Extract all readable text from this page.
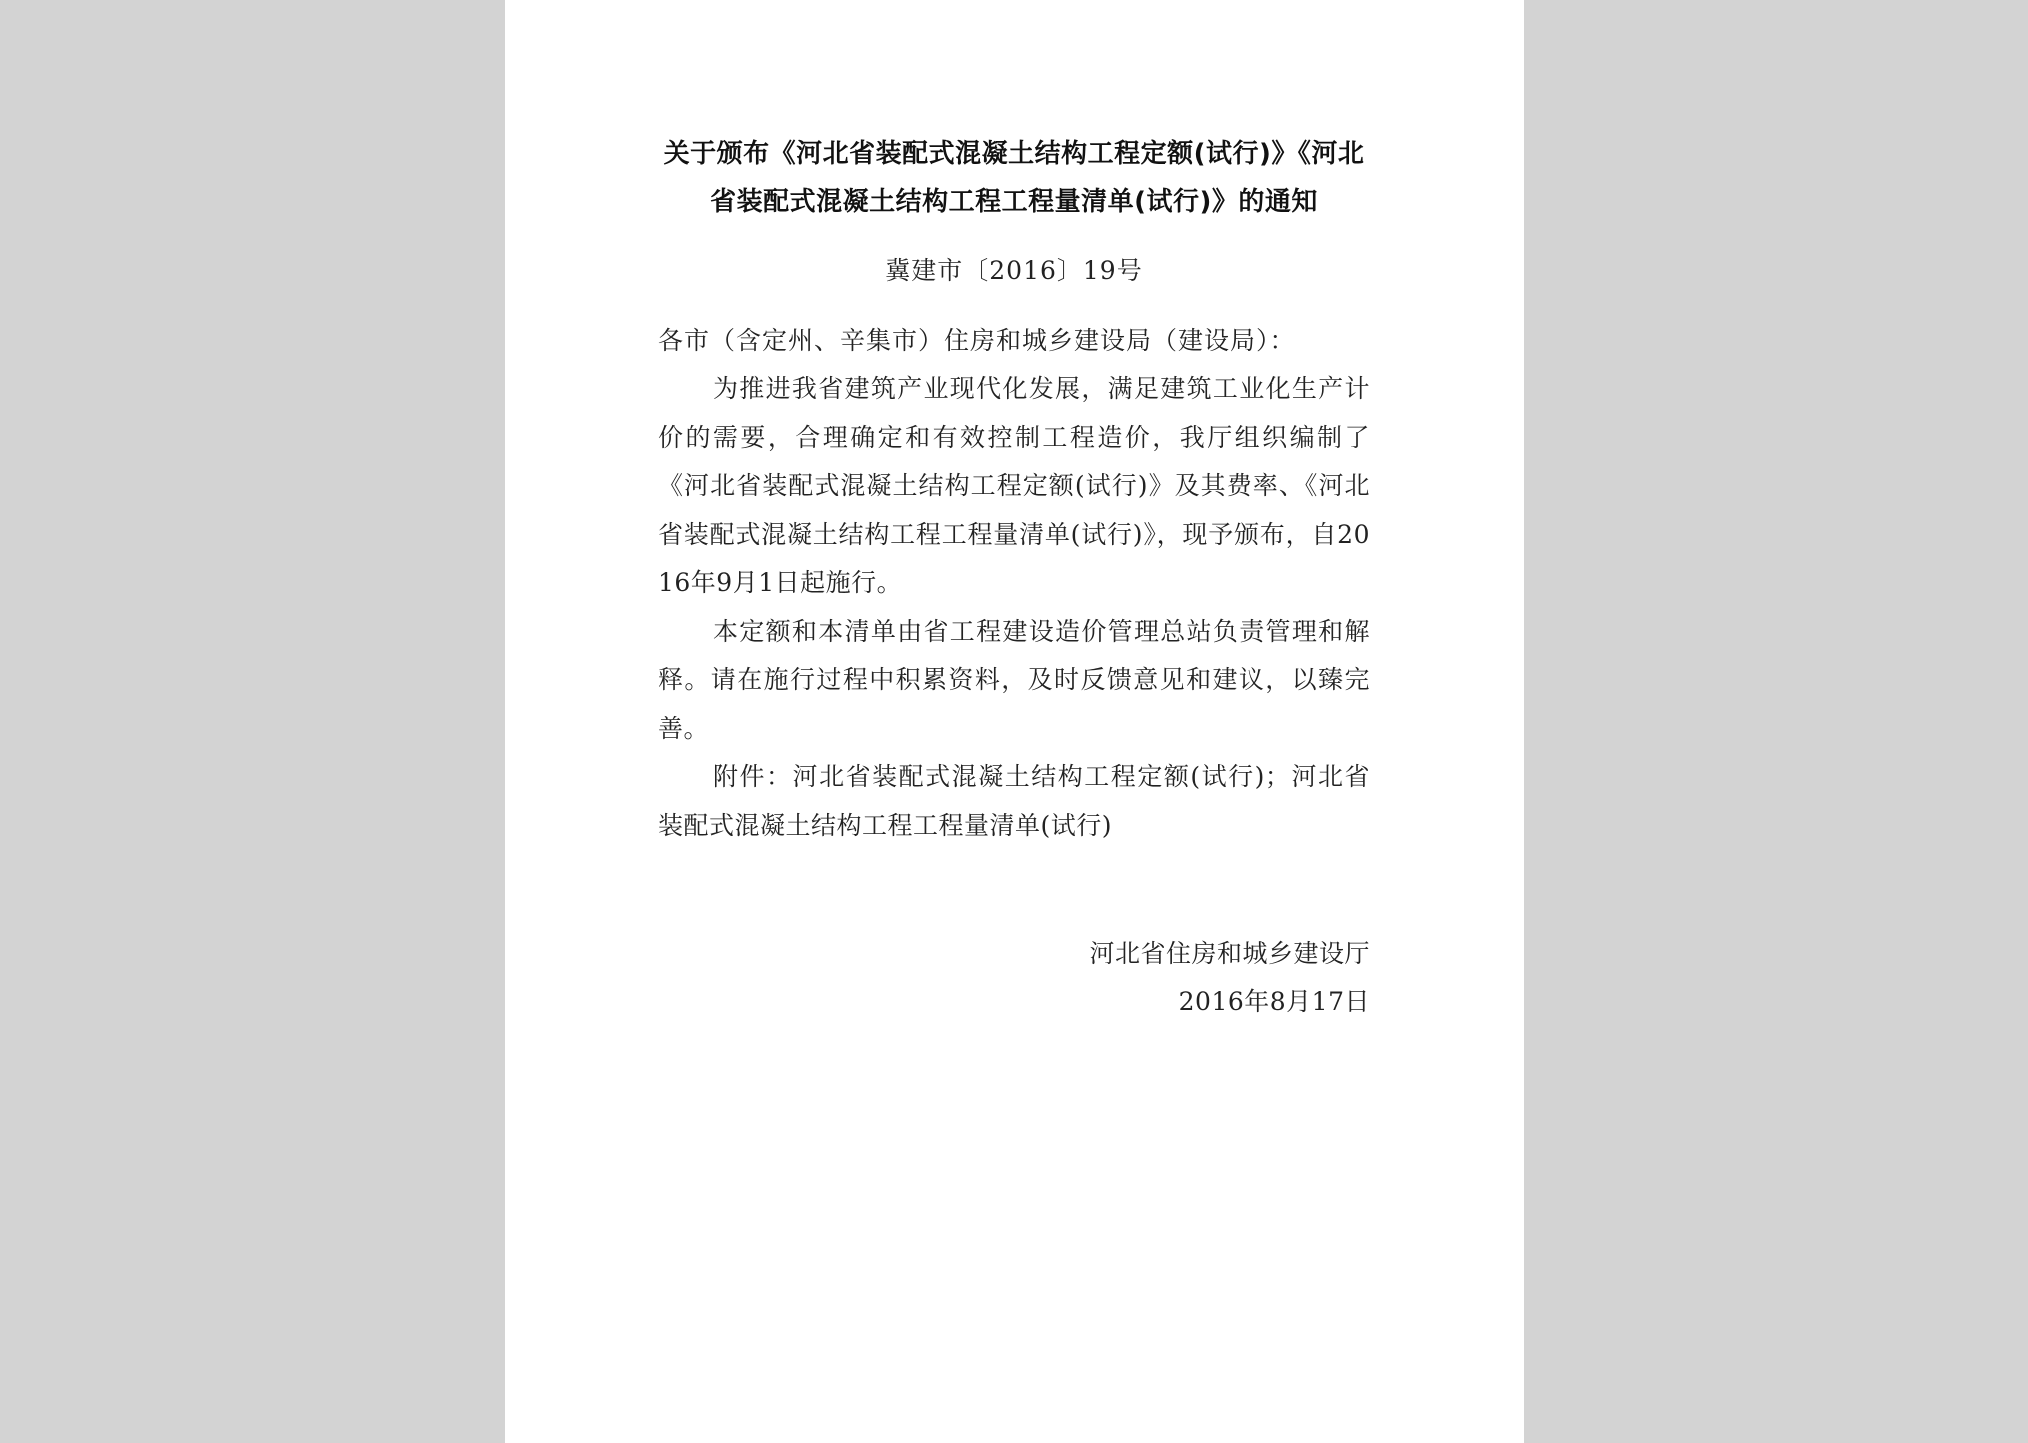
关于颁布《河北省装配式混凝土结构工程定额(试行)》《河北省装配式混凝土结构工程工程量清单(试行)》的通知
冀建市〔2016〕19号
各市（含定州、辛集市）住房和城乡建设局（建设局）：

为推进我省建筑产业现代化发展，满足建筑工业化生产计价的需要，合理确定和有效控制工程造价，我厅组织编制了《河北省装配式混凝土结构工程定额(试行)》及其费率、《河北省装配式混凝土结构工程工程量清单(试行)》，现予颁布，自2016年9月1日起施行。

本定额和本清单由省工程建设造价管理总站负责管理和解释。请在施行过程中积累资料，及时反馈意见和建议，以臻完善。

附件：河北省装配式混凝土结构工程定额(试行)；河北省装配式混凝土结构工程工程量清单(试行)

河北省住房和城乡建设厅
2016年8月17日
